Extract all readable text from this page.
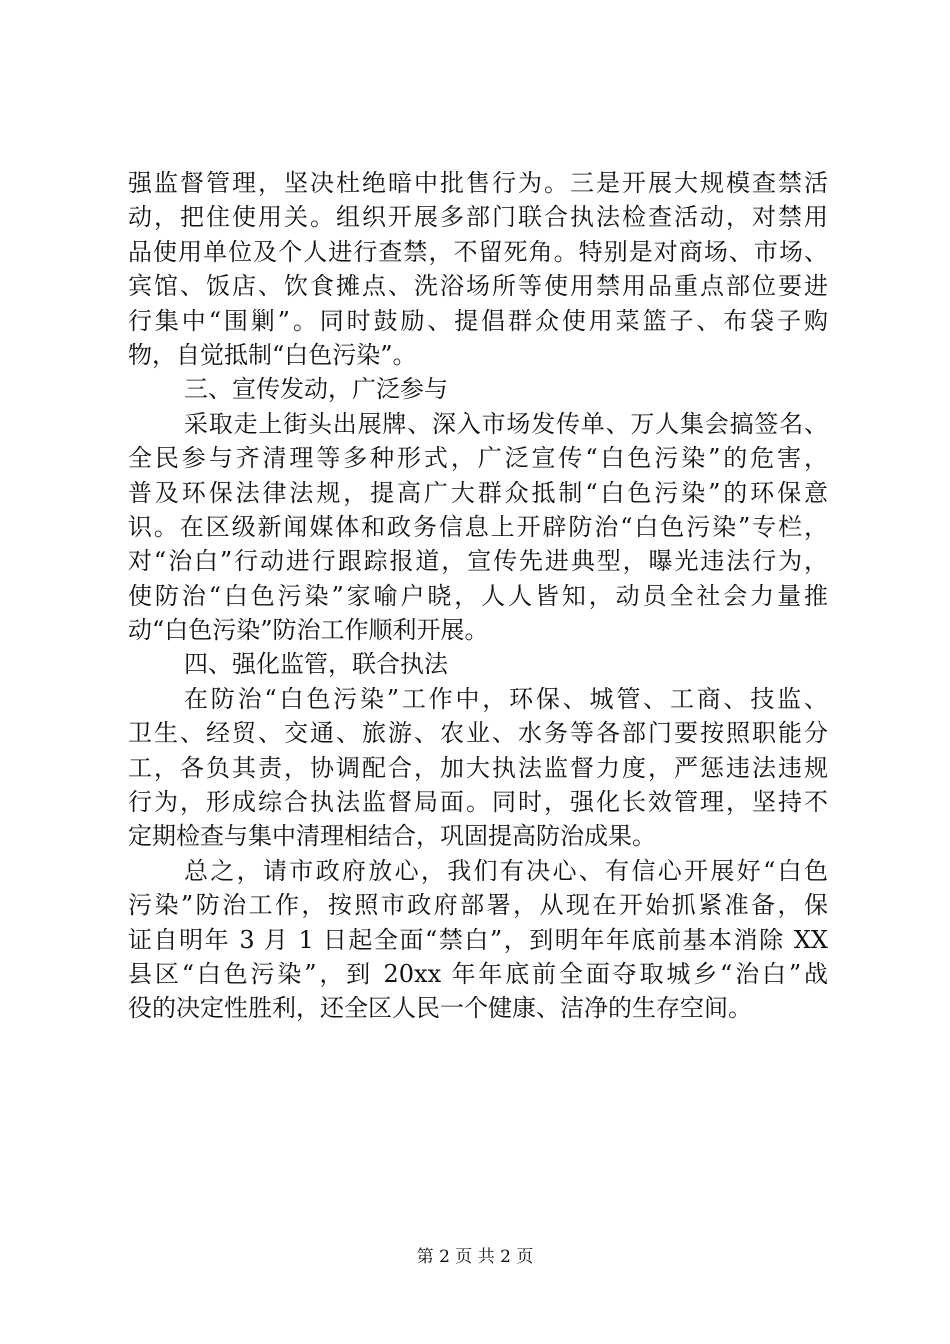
强监督管理，坚决杜绝暗中批售行为。三是开展大规模查禁活
动，把住使用关。组织开展多部门联合执法检查活动，对禁用
品使用单位及个人进行查禁，不留死角。特别是对商场、市场、
宾馆、饭店、饮食摊点、洗浴场所等使用禁用品重点部位要进
行集中“围剿”。同时鼓励、提倡群众使用菜篮子、布袋子购
物，自觉抵制“白色污染”。
三、宣传发动，广泛参与
采取走上街头出展牌、深入市场发传单、万人集会搞签名、
全民参与齐清理等多种形式，广泛宣传“白色污染”的危害，
普及环保法律法规，提高广大群众抵制“白色污染”的环保意
识。在区级新闻媒体和政务信息上开辟防治“白色污染”专栏，
对“治白”行动进行跟踪报道，宣传先进典型，曝光违法行为，
使防治“白色污染”家喻户晓，人人皆知，动员全社会力量推
动“白色污染”防治工作顺利开展。
四、强化监管，联合执法
在防治“白色污染”工作中，环保、城管、工商、技监、
卫生、经贸、交通、旅游、农业、水务等各部门要按照职能分
工，各负其责，协调配合，加大执法监督力度，严惩违法违规
行为，形成综合执法监督局面。同时，强化长效管理，坚持不
定期检查与集中清理相结合，巩固提高防治成果。
总之，请市政府放心，我们有决心、有信心开展好“白色
污染”防治工作，按照市政府部署，从现在开始抓紧准备，保
证自明年 3 月 1 日起全面“禁白”，到明年年底前基本消除 XX
县区“白色污染”，到 20xx 年年底前全面夺取城乡“治白”战
役的决定性胜利，还全区人民一个健康、洁净的生存空间。
第 2 页 共 2 页
